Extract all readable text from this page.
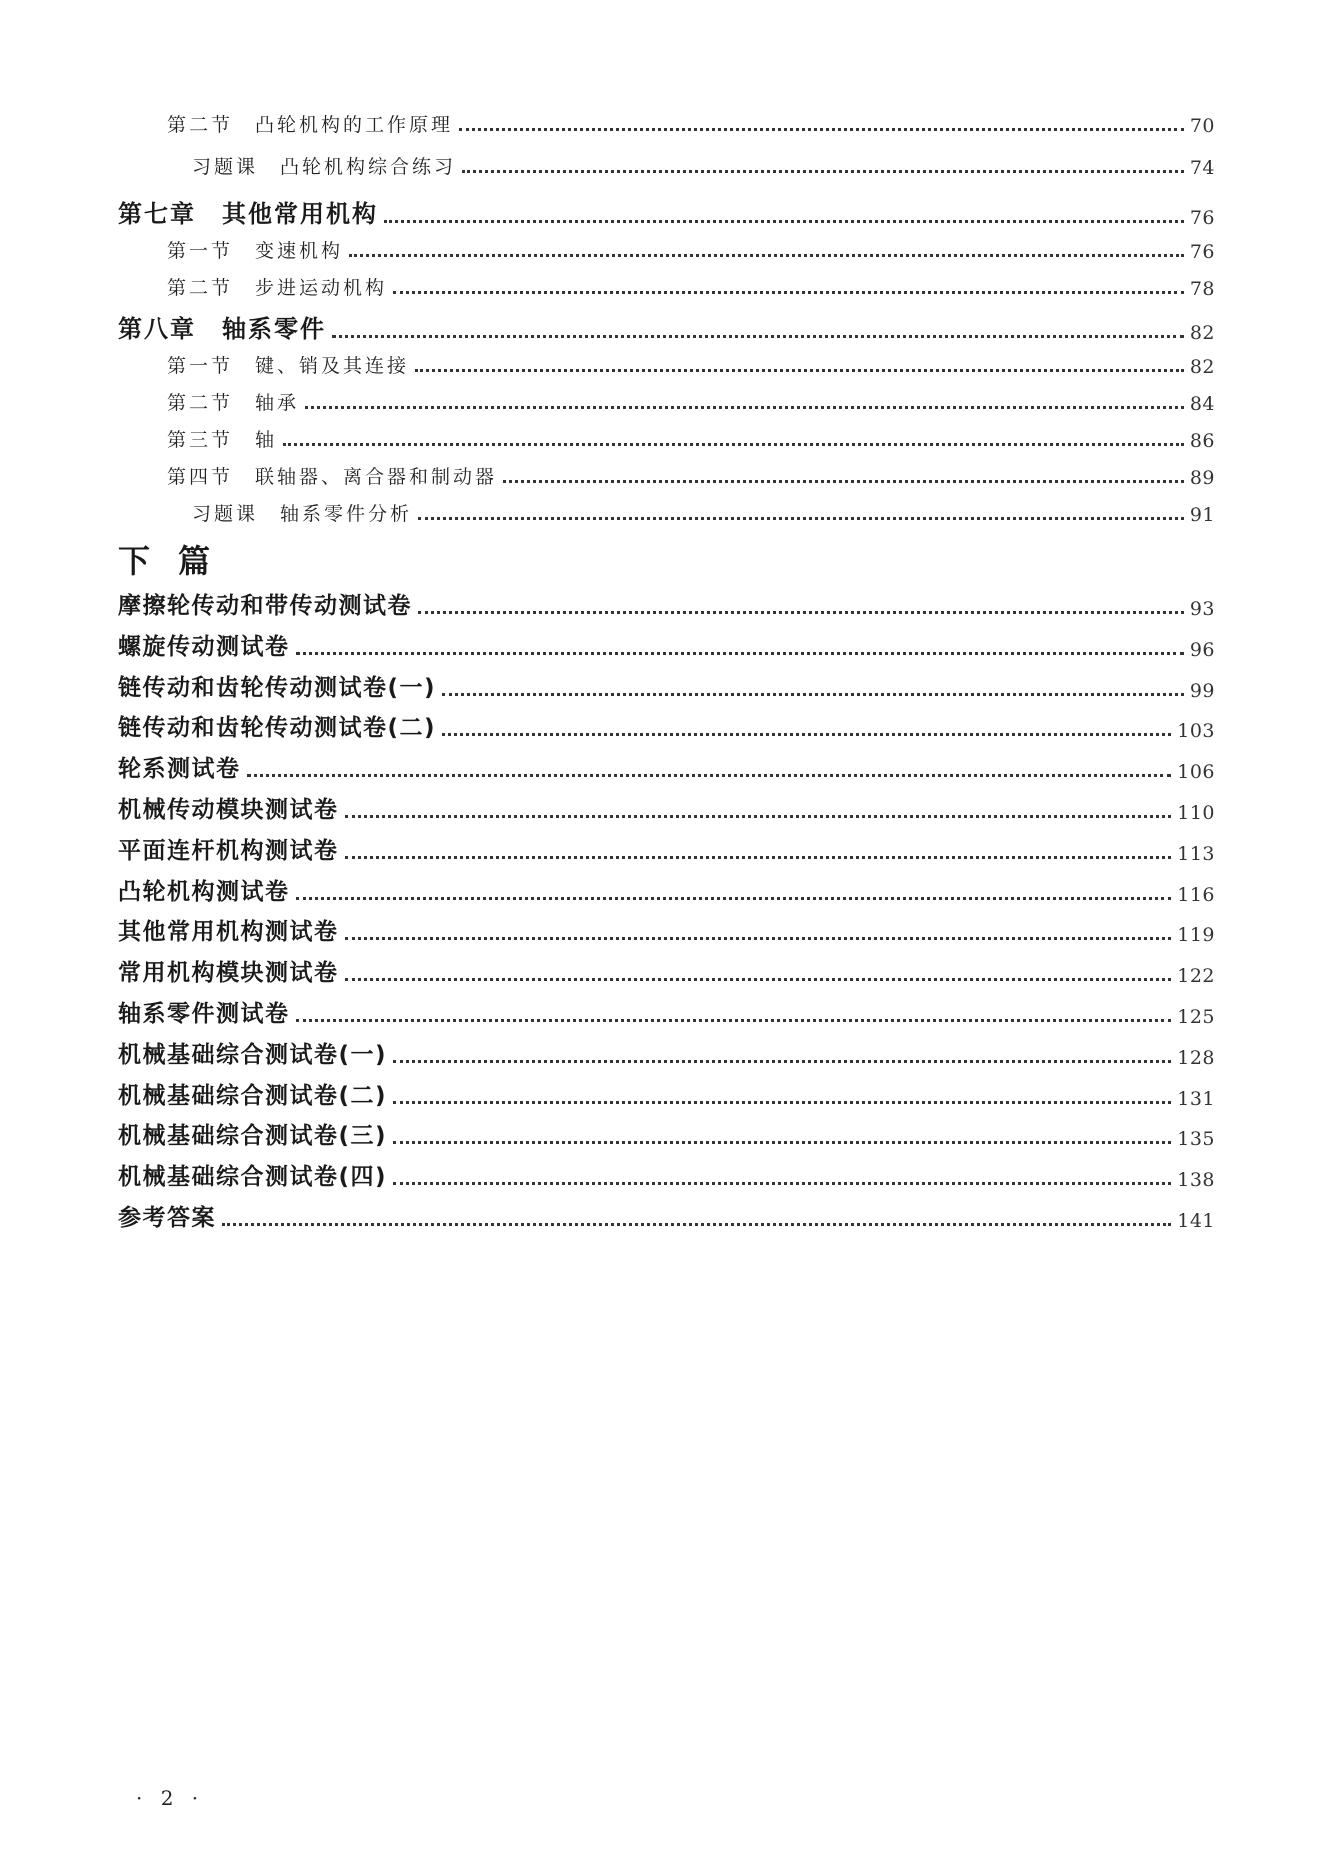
第二节　凸轮机构的工作原理	70
习题课　凸轮机构综合练习	74
第七章　其他常用机构	76
第一节　变速机构	76
第二节　步进运动机构	78
第八章　轴系零件	82
第一节　键、销及其连接	82
第二节　轴承	84
第三节　轴	86
第四节　联轴器、离合器和制动器	89
习题课　轴系零件分析	91
下篇
摩擦轮传动和带传动测试卷	93
螺旋传动测试卷	96
链传动和齿轮传动测试卷(一)	99
链传动和齿轮传动测试卷(二)	103
轮系测试卷	106
机械传动模块测试卷	110
平面连杆机构测试卷	113
凸轮机构测试卷	116
其他常用机构测试卷	119
常用机构模块测试卷	122
轴系零件测试卷	125
机械基础综合测试卷(一)	128
机械基础综合测试卷(二)	131
机械基础综合测试卷(三)	135
机械基础综合测试卷(四)	138
参考答案	141
· 2 ·
